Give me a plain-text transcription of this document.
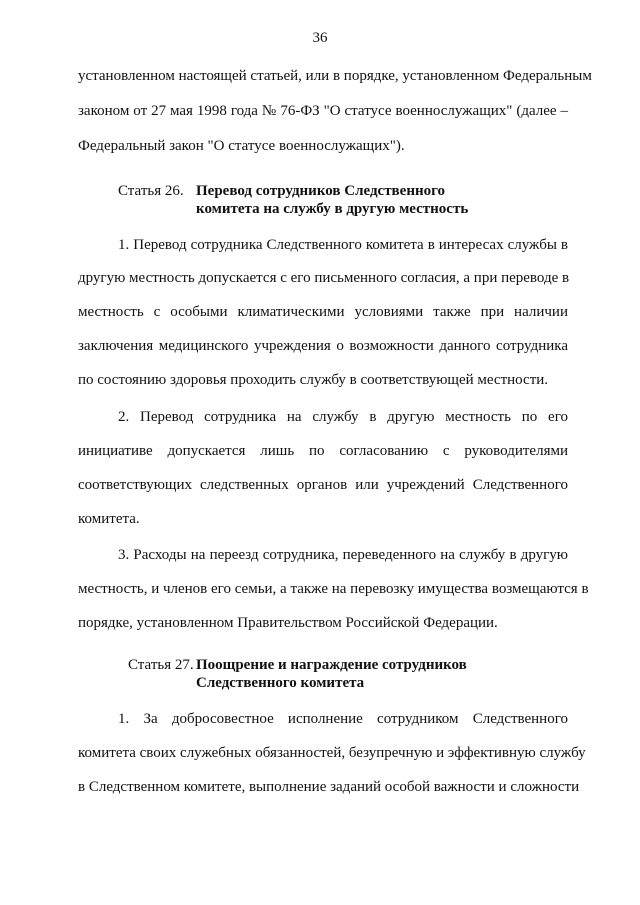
36
установленном настоящей статьей, или в порядке, установленном Федеральным
законом от 27 мая 1998 года № 76-ФЗ "О статусе военнослужащих" (далее –
Федеральный закон "О статусе военнослужащих").
Статья 26. Перевод сотрудников Следственного
комитета на службу в другую местность
1. Перевод сотрудника Следственного комитета в интересах службы в
другую местность допускается с его письменного согласия, а при переводе в
местность с особыми климатическими условиями также при наличии
заключения медицинского учреждения о возможности данного сотрудника
по состоянию здоровья проходить службу в соответствующей местности.
2. Перевод сотрудника на службу в другую местность по его
инициативе допускается лишь по согласованию с руководителями
соответствующих следственных органов или учреждений Следственного
комитета.
3. Расходы на переезд сотрудника, переведенного на службу в другую
местность, и членов его семьи, а также на перевозку имущества возмещаются в
порядке, установленном Правительством Российской Федерации.
Статья 27. Поощрение и награждение сотрудников
Следственного комитета
1. За добросовестное исполнение сотрудником Следственного
комитета своих служебных обязанностей, безупречную и эффективную службу
в Следственном комитете, выполнение заданий особой важности и сложности
